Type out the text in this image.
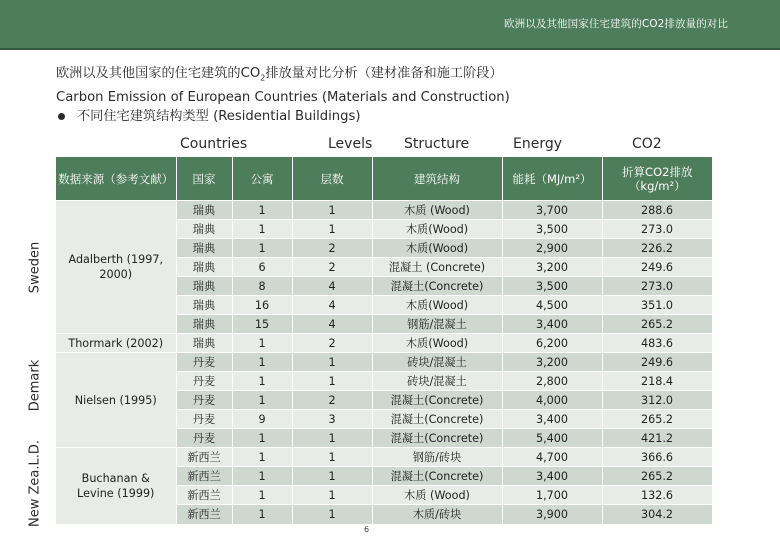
欧洲以及其他国家住宅建筑的CO2排放量的对比
欧洲以及其他国家的住宅建筑的$CO_2$排放量对比分析（建材准备和施工阶段）
Carbon Emission of European Countries (Materials and Construction)
不同住宅建筑结构类型 (Residential Buildings)
Countries	Levels Structure	Energy	CO2
Sweden
Demark
New Zea.L.D.
数据来源（参考文献）	国家	公寓	层数	建筑结构	能耗（MJ/m²）	折算CO2排放（kg/m²）
Adalberth (1997, 2000)	瑞典	1	1	木质 (Wood)	3,700	288.6
	瑞典	1	1	木质(Wood)	3,500	273.0
	瑞典	1	2	木质(Wood)	2,900	226.2
	瑞典	6	2	混凝土 (Concrete)	3,200	249.6
	瑞典	8	4	混凝土(Concrete)	3,500	273.0
	瑞典	16	4	木质(Wood)	4,500	351.0
	瑞典	15	4	钢筋/混凝土	3,400	265.2
Thormark (2002)	瑞典	1	2	木质(Wood)	6,200	483.6
Nielsen (1995)	丹麦	1	1	砖块/混凝土	3,200	249.6
	丹麦	1	1	砖块/混凝土	2,800	218.4
	丹麦	1	2	混凝土(Concrete)	4,000	312.0
	丹麦	9	3	混凝土(Concrete)	3,400	265.2
	丹麦	1	1	混凝土(Concrete)	5,400	421.2
Buchanan & Levine (1999)	新西兰	1	1	钢筋/砖块	4,700	366.6
	新西兰	1	1	混凝土(Concrete)	3,400	265.2
	新西兰	1	1	木质 (Wood)	1,700	132.6
	新西兰	1	1	木质/砖块	3,900	304.2
6
